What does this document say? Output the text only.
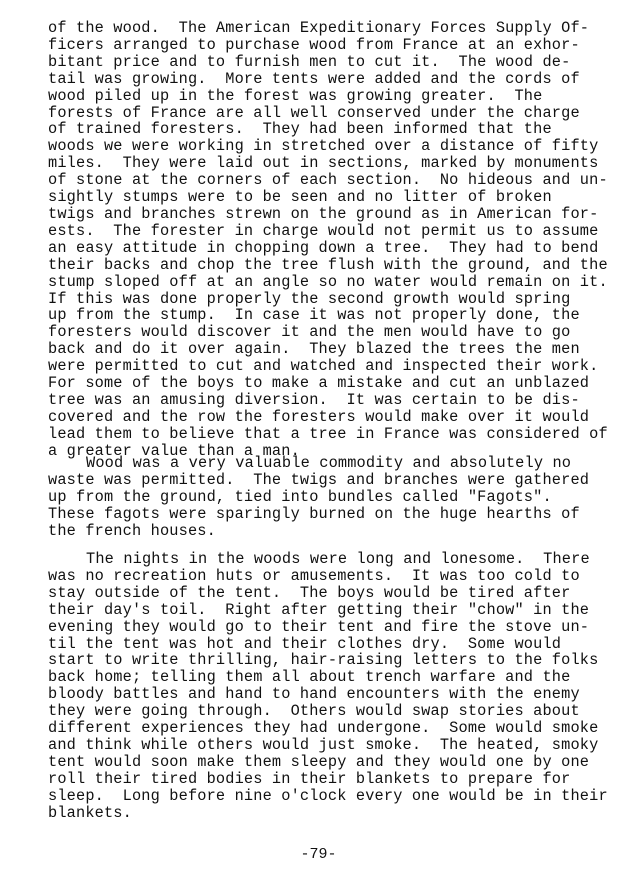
of the wood.  The American Expeditionary Forces Supply Of-
ficers arranged to purchase wood from France at an exhor-
bitant price and to furnish men to cut it.  The wood de-
tail was growing.  More tents were added and the cords of
wood piled up in the forest was growing greater.  The
forests of France are all well conserved under the charge
of trained foresters.  They had been informed that the
woods we were working in stretched over a distance of fifty
miles.  They were laid out in sections, marked by monuments
of stone at the corners of each section.  No hideous and un-
sightly stumps were to be seen and no litter of broken
twigs and branches strewn on the ground as in American for-
ests.  The forester in charge would not permit us to assume
an easy attitude in chopping down a tree.  They had to bend
their backs and chop the tree flush with the ground, and the
stump sloped off at an angle so no water would remain on it.
If this was done properly the second growth would spring
up from the stump.  In case it was not properly done, the
foresters would discover it and the men would have to go
back and do it over again.  They blazed the trees the men
were permitted to cut and watched and inspected their work.
For some of the boys to make a mistake and cut an unblazed
tree was an amusing diversion.  It was certain to be dis-
covered and the row the foresters would make over it would
lead them to believe that a tree in France was considered of
a greater value than a man.
Wood was a very valuable commodity and absolutely no
waste was permitted.  The twigs and branches were gathered
up from the ground, tied into bundles called "Fagots".
These fagots were sparingly burned on the huge hearths of
the french houses.
The nights in the woods were long and lonesome.  There
was no recreation huts or amusements.  It was too cold to
stay outside of the tent.  The boys would be tired after
their day's toil.  Right after getting their "chow" in the
evening they would go to their tent and fire the stove un-
til the tent was hot and their clothes dry.  Some would
start to write thrilling, hair-raising letters to the folks
back home; telling them all about trench warfare and the
bloody battles and hand to hand encounters with the enemy
they were going through.  Others would swap stories about
different experiences they had undergone.  Some would smoke
and think while others would just smoke.  The heated, smoky
tent would soon make them sleepy and they would one by one
roll their tired bodies in their blankets to prepare for
sleep.  Long before nine o'clock every one would be in their
blankets.
-79-
